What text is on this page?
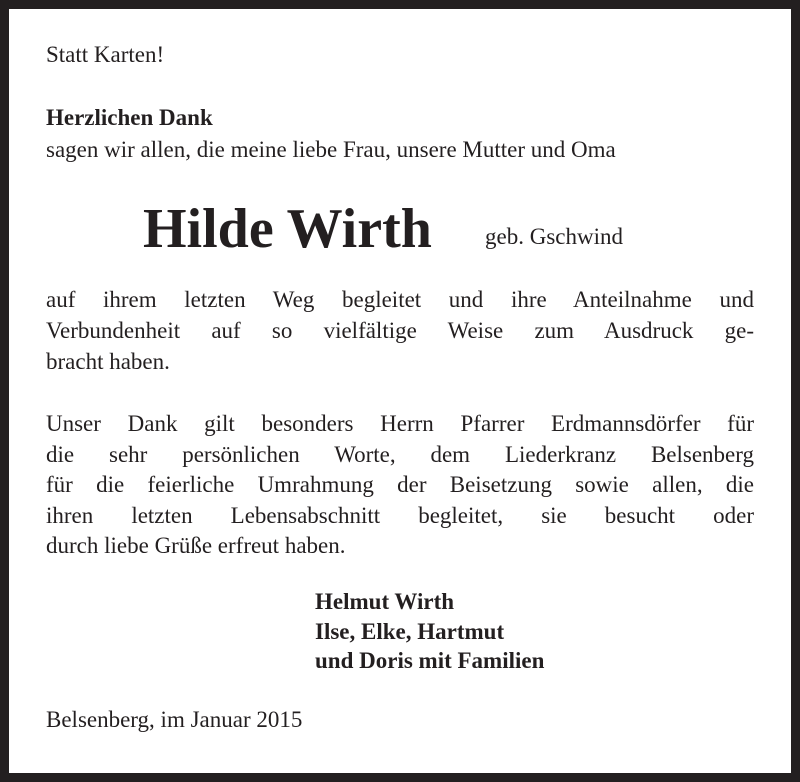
Statt Karten!
Herzlichen Dank
sagen wir allen, die meine liebe Frau, unsere Mutter und Oma
Hilde Wirth geb. Gschwind
auf ihrem letzten Weg begleitet und ihre Anteilnahme und
Verbundenheit auf so vielfältige Weise zum Ausdruck ge-
bracht haben.
Unser Dank gilt besonders Herrn Pfarrer Erdmannsdörfer für
die sehr persönlichen Worte, dem Liederkranz Belsenberg
für die feierliche Umrahmung der Beisetzung sowie allen, die
ihren letzten Lebensabschnitt begleitet, sie besucht oder
durch liebe Grüße erfreut haben.
Helmut Wirth
Ilse, Elke, Hartmut
und Doris mit Familien
Belsenberg, im Januar 2015
